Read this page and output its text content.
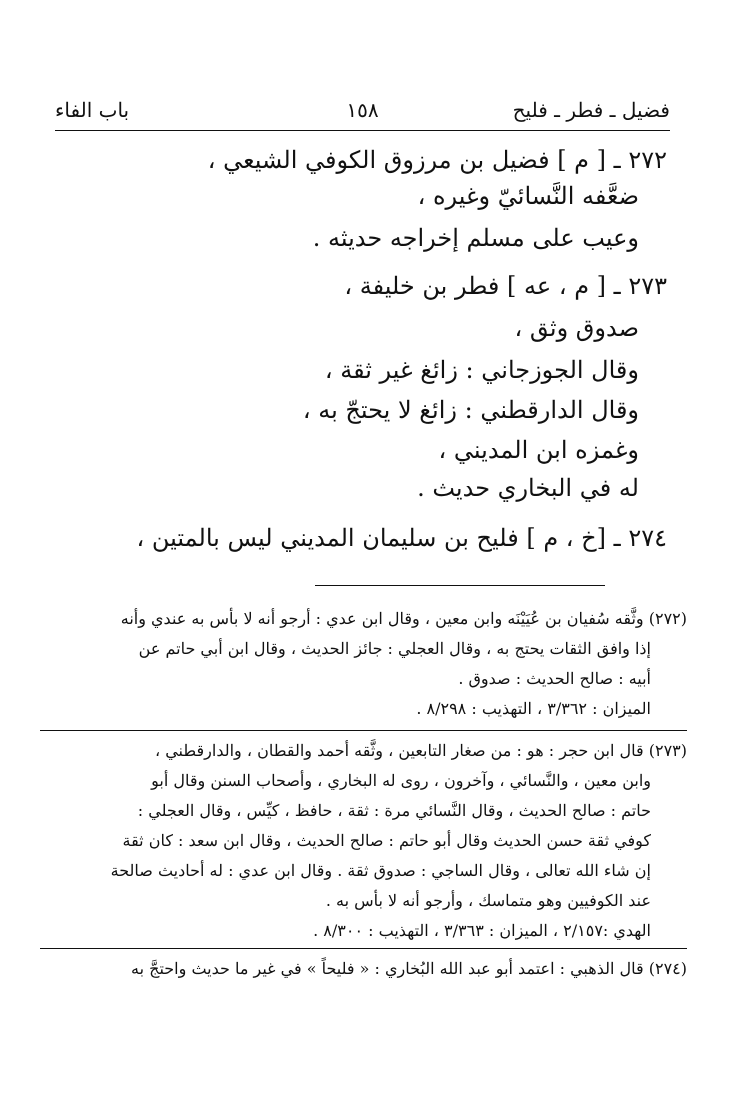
فضيل ـ فطر ـ فليح
١٥٨
باب الفاء
٢٧٢ ـ [ م ] فضيل بن مرزوق الكوفي الشيعي ،
ضعَّفه النَّسائيّ وغيره ،
وعيب على مسلم إخراجه حديثه .
٢٧٣ ـ [ م ، عه ] فطر بن خليفة ،
صدوق وثق ،
وقال الجوزجاني : زائغ غير ثقة ،
وقال الدارقطني : زائغ لا يحتجّ به ،
وغمزه ابن المديني ،
له في البخاري حديث .
٢٧٤ ـ [خ ، م ] فليح بن سليمان المديني ليس بالمتين ،
(٢٧٢) وثَّقه سُفيان بن عُيَيْنَه وابن معين ، وقال ابن عدي : أرجو أنه لا بأس به عندي وأنه
إذا وافق الثقات يحتج به ، وقال العجلي : جائز الحديث ، وقال ابن أبي حاتم عن
أبيه : صالح الحديث : صدوق .
الميزان : ٣/٣٦٢ ، التهذيب : ٨/٢٩٨ .
(٢٧٣) قال ابن حجر : هو : من صغار التابعين ، وثَّقه أحمد والقطان ، والدارقطني ،
وابن معين ، والنَّسائي ، وآخرون ، روى له البخاري ، وأصحاب السنن وقال أبو
حاتم : صالح الحديث ، وقال النَّسائي مرة : ثقة ، حافظ ، كيِّس ، وقال العجلي :
كوفي ثقة حسن الحديث وقال أبو حاتم : صالح الحديث ، وقال ابن سعد : كان ثقة
إن شاء الله تعالى ، وقال الساجي : صدوق ثقة . وقال ابن عدي : له أحاديث صالحة
عند الكوفيين وهو متماسك ، وأرجو أنه لا بأس به .
الهدي :٢/١٥٧ ، الميزان : ٣/٣٦٣ ، التهذيب : ٨/٣٠٠ .
(٢٧٤) قال الذهبي : اعتمد أبو عبد الله البُخاري : « فليحاً » في غير ما حديث واحتجَّ به
